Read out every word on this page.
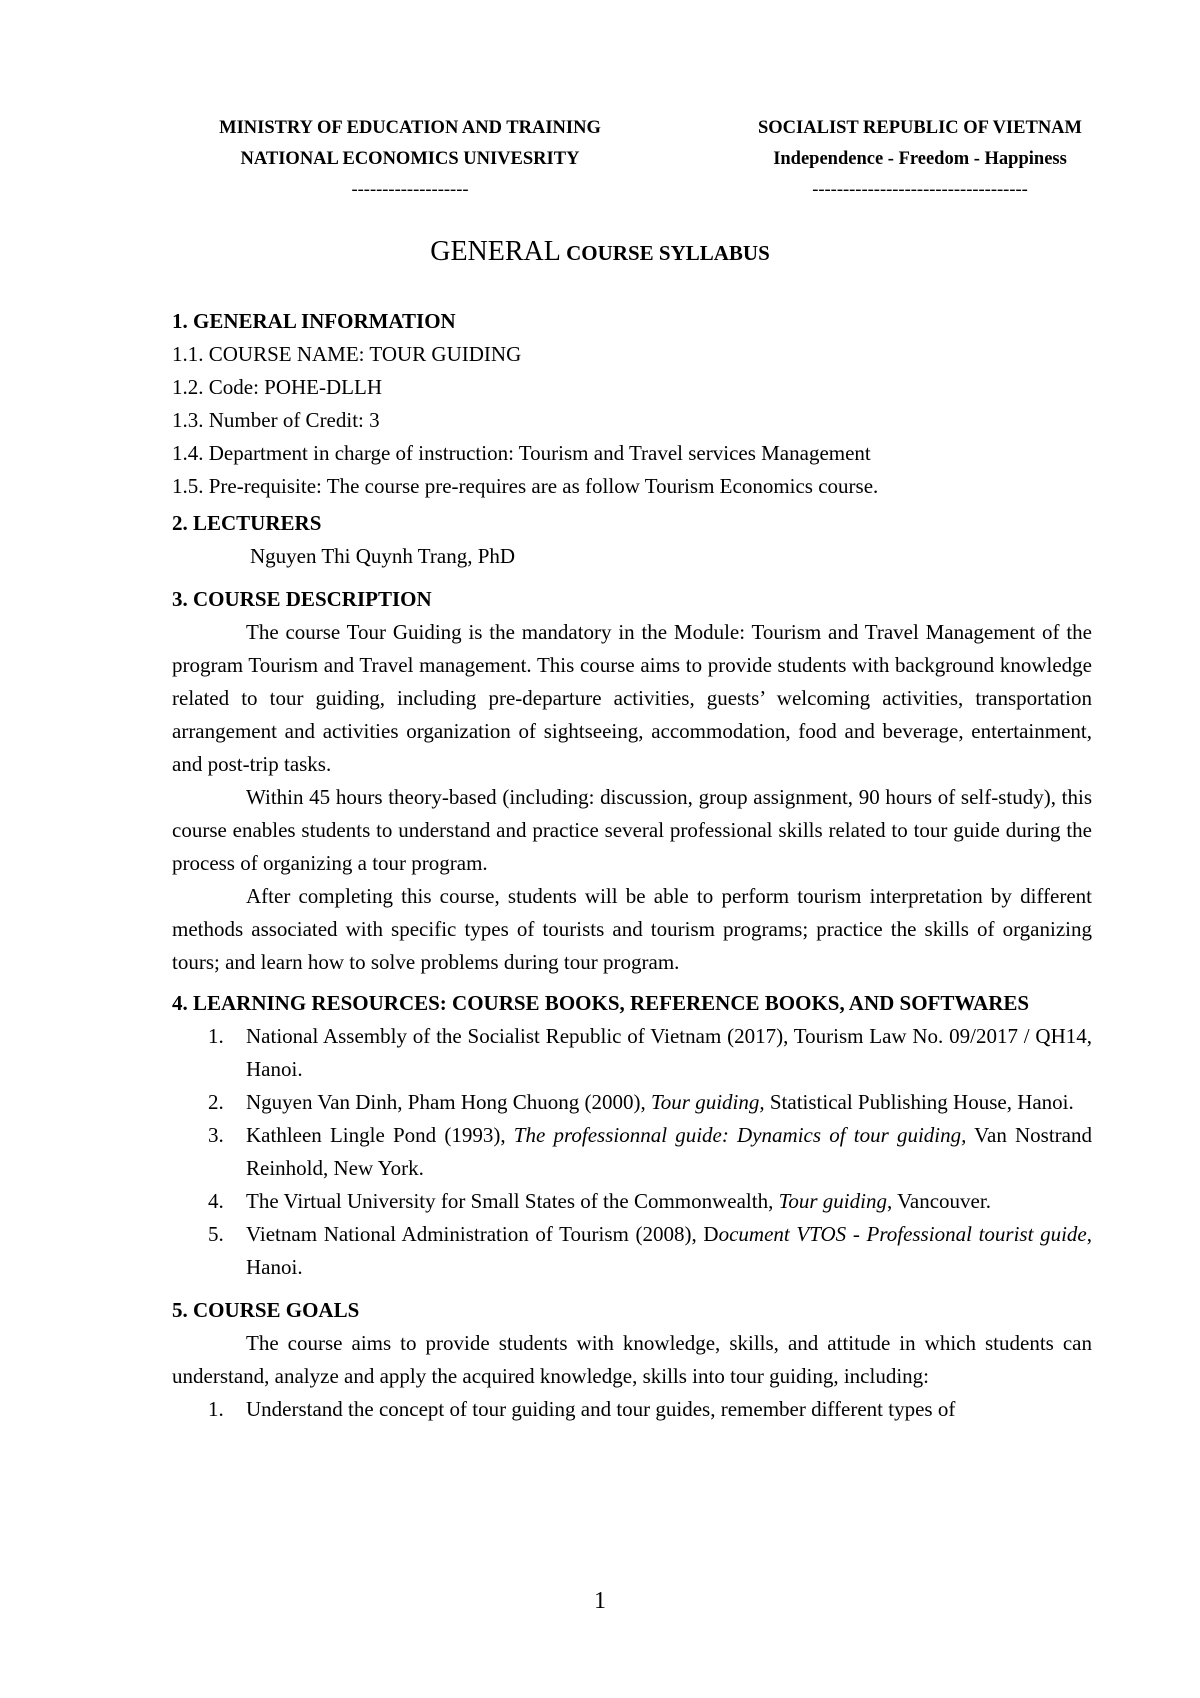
MINISTRY OF EDUCATION AND TRAINING
NATIONAL ECONOMICS UNIVESRITY
-------------------
SOCIALIST REPUBLIC OF VIETNAM
Independence - Freedom - Happiness
-----------------------------------
GENERAL COURSE SYLLABUS
1. GENERAL INFORMATION
1.1. COURSE NAME: TOUR GUIDING
1.2. Code: POHE-DLLH
1.3. Number of Credit: 3
1.4. Department in charge of instruction: Tourism and Travel services Management
1.5. Pre-requisite: The course pre-requires are as follow Tourism Economics course.
2. LECTURERS
Nguyen Thi Quynh Trang, PhD
3. COURSE DESCRIPTION

The course Tour Guiding is the mandatory in the Module: Tourism and Travel Management of the program Tourism and Travel management. This course aims to provide students with background knowledge related to tour guiding, including pre-departure activities, guests’ welcoming activities, transportation arrangement and activities organization of sightseeing, accommodation, food and beverage, entertainment, and post-trip tasks.

Within 45 hours theory-based (including: discussion, group assignment, 90 hours of self-study), this course enables students to understand and practice several professional skills related to tour guide during the process of organizing a tour program.

After completing this course, students will be able to perform tourism interpretation by different methods associated with specific types of tourists and tourism programs; practice the skills of organizing tours; and learn how to solve problems during tour program.

4. LEARNING RESOURCES: COURSE BOOKS, REFERENCE BOOKS, AND SOFTWARES
1. National Assembly of the Socialist Republic of Vietnam (2017), Tourism Law No. 09/2017 / QH14, Hanoi.
2. Nguyen Van Dinh, Pham Hong Chuong (2000), Tour guiding, Statistical Publishing House, Hanoi.
3. Kathleen Lingle Pond (1993), The professionnal guide: Dynamics of tour guiding, Van Nostrand Reinhold, New York.
4. The Virtual University for Small States of the Commonwealth, Tour guiding, Vancouver.
5. Vietnam National Administration of Tourism (2008), Document VTOS - Professional tourist guide, Hanoi.
5. COURSE GOALS

The course aims to provide students with knowledge, skills, and attitude in which students can understand, analyze and apply the acquired knowledge, skills into tour guiding, including:

1. Understand the concept of tour guiding and tour guides, remember different types of
1
